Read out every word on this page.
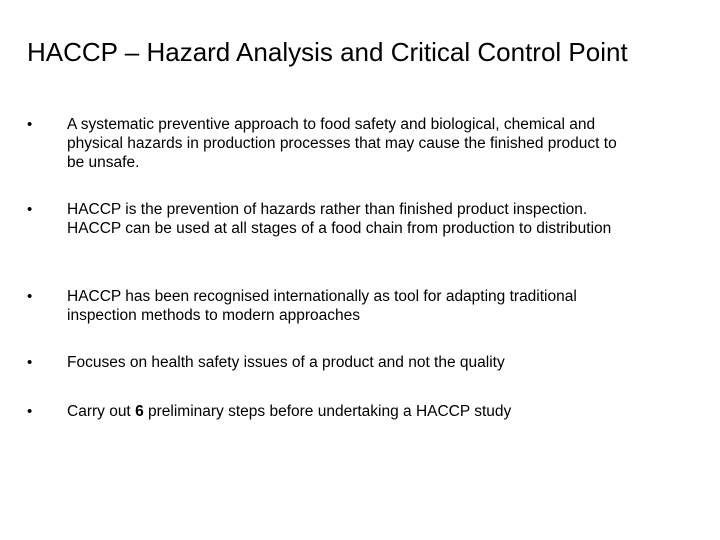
HACCP – Hazard Analysis and Critical Control Point
• A systematic preventive approach to food safety and biological, chemical and physical hazards in production processes that may cause the finished product to be unsafe.
• HACCP is the prevention of hazards rather than finished product inspection. HACCP can be used at all stages of a food chain from production to distribution
• HACCP has been recognised internationally as tool for adapting traditional inspection methods to modern approaches
• Focuses on health safety issues of a product and not the quality
• Carry out 6 preliminary steps before undertaking a HACCP study
